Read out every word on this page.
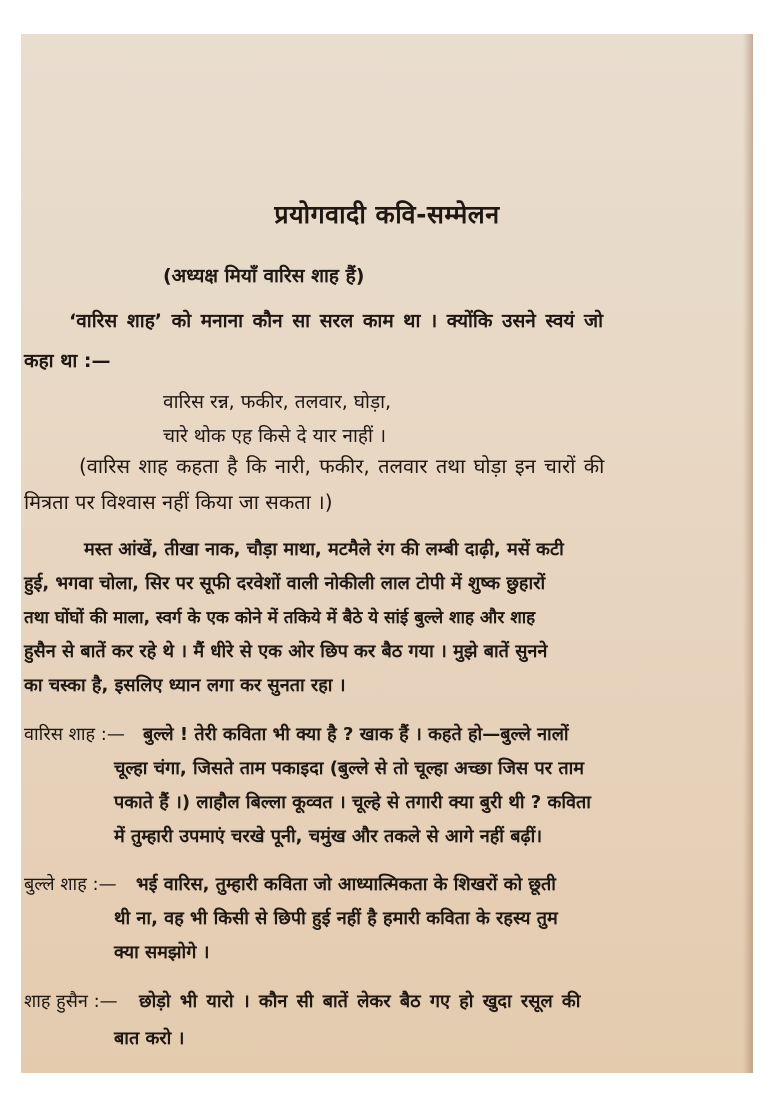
प्रयोगवादी कवि-सम्मेलन
(अध्यक्ष मियाँ वारिस शाह हैं)
‘वारिस शाह’ को मनाना कौन सा सरल काम था । क्योंकि उसने स्वयं जो
कहा था :—
वारिस रन्न, फकीर, तलवार, घोड़ा,
चारे थोक एह किसे दे यार नाहीं ।
(वारिस शाह कहता है कि नारी, फकीर, तलवार तथा घोड़ा इन चारों की
मित्रता पर विश्वास नहीं किया जा सकता ।)
मस्त आंखें, तीखा नाक, चौड़ा माथा, मटमैले रंग की लम्बी दाढ़ी, मसें कटी
हुई, भगवा चोला, सिर पर सूफी दरवेशों वाली नोकीली लाल टोपी में शुष्क छुहारों
तथा घोंघों की माला, स्वर्ग के एक कोने में तकिये में बैठे ये सांई बुल्ले शाह और शाह
हुसैन से बातें कर रहे थे । मैं धीरे से एक ओर छिप कर बैठ गया । मुझे बातें सुनने
का चस्का है, इसलिए ध्यान लगा कर सुनता रहा ।
वारिस शाह :— बुल्ले ! तेरी कविता भी क्या है ? खाक हैं । कहते हो—बुल्ले नालों
चूल्हा चंगा, जिसते ताम पकाइदा (बुल्ले से तो चूल्हा अच्छा जिस पर ताम
पकाते हैं ।) लाहौल बिल्ला कूव्वत । चूल्हे से तगारी क्या बुरी थी ? कविता
में तुम्हारी उपमाएं चरखे पूनी, चमुंख और तकले से आगे नहीं बढ़ीं।
बुल्ले शाह :— भई वारिस, तुम्हारी कविता जो आध्यात्मिकता के शिखरों को छूती
थी ना, वह भी किसी से छिपी हुई नहीं है हमारी कविता के रहस्य तुम
क्या समझोगे ।
शाह हुसैन :— छोड़ो भी यारो । कौन सी बातें लेकर बैठ गए हो खुदा रसूल की
बात करो ।
